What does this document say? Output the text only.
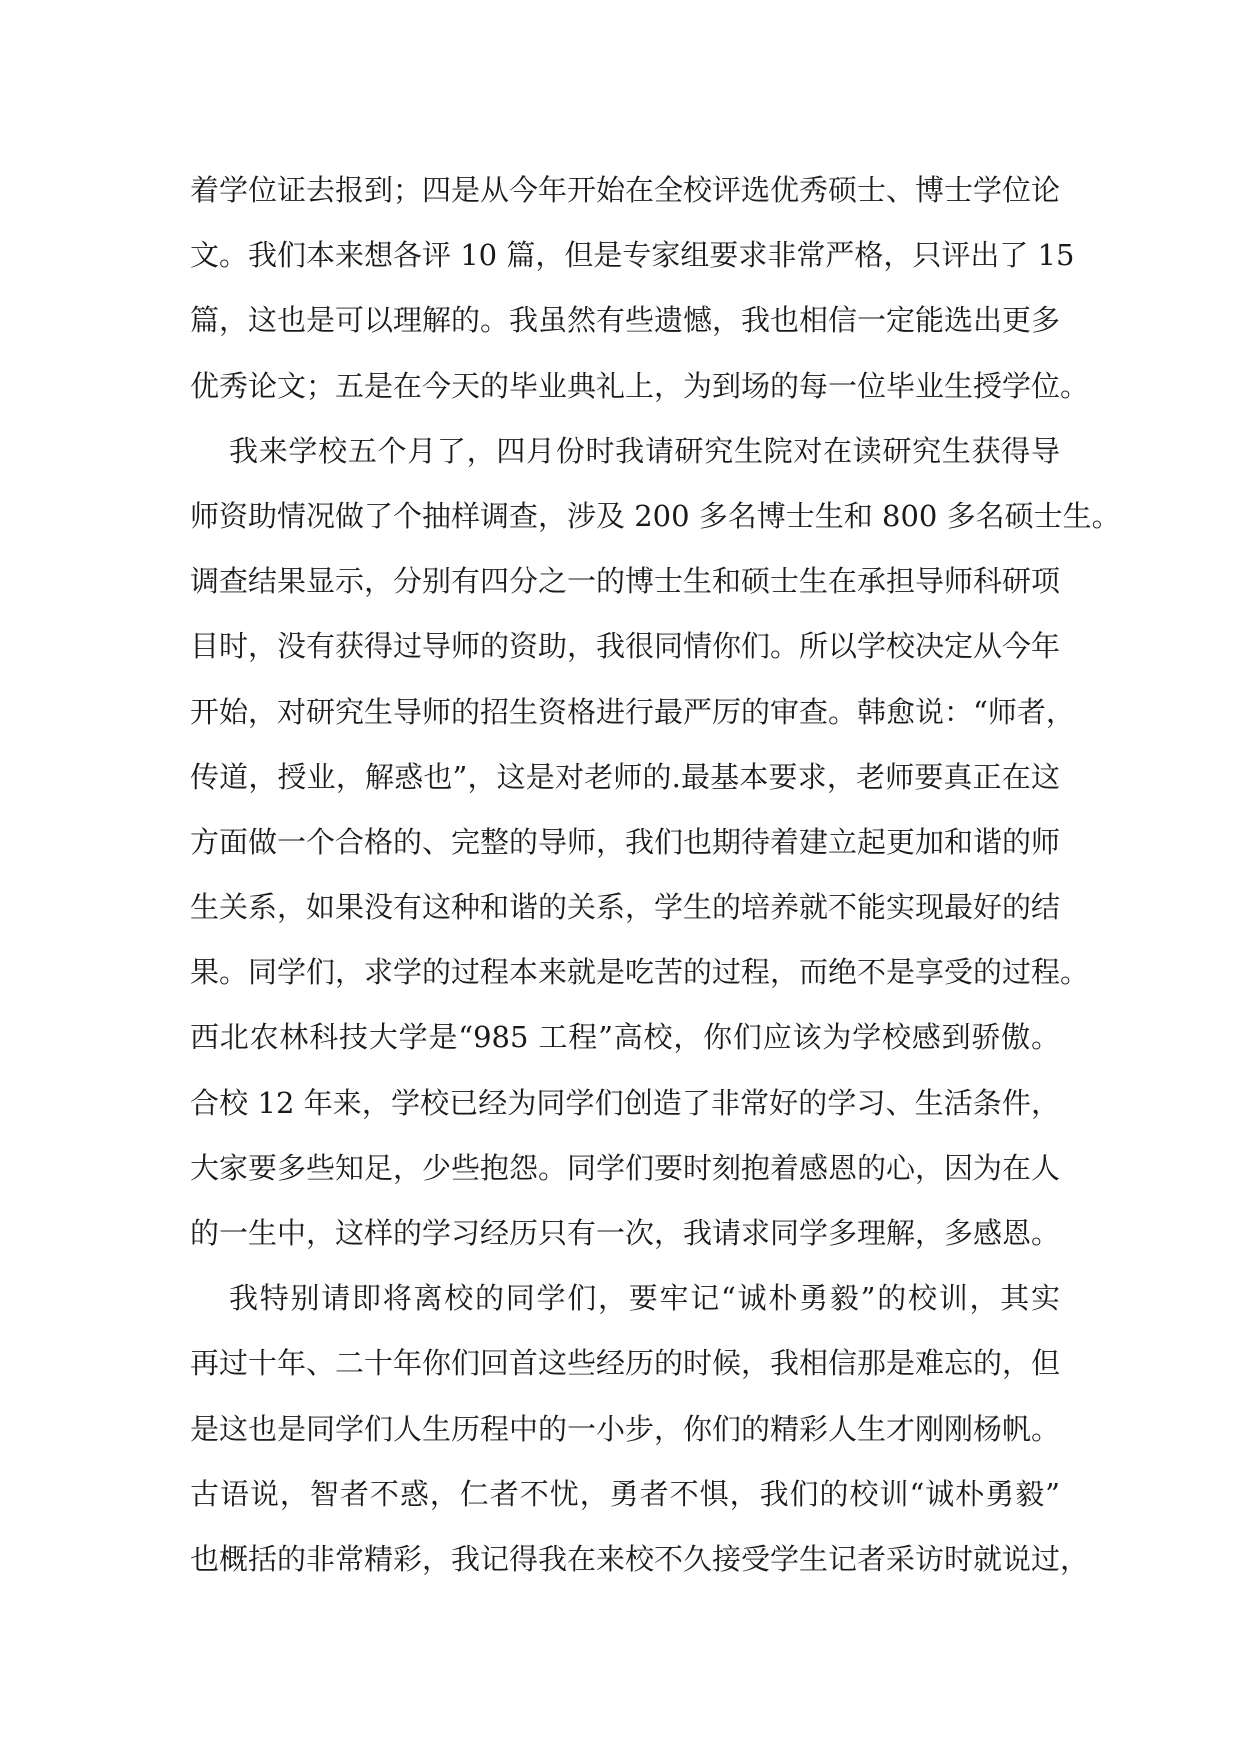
着学位证去报到；四是从今年开始在全校评选优秀硕士、博士学位论
文。我们本来想各评 10 篇，但是专家组要求非常严格，只评出了 15
篇，这也是可以理解的。我虽然有些遗憾，我也相信一定能选出更多
优秀论文；五是在今天的毕业典礼上，为到场的每一位毕业生授学位。
我来学校五个月了，四月份时我请研究生院对在读研究生获得导
师资助情况做了个抽样调查，涉及 200 多名博士生和 800 多名硕士生。
调查结果显示，分别有四分之一的博士生和硕士生在承担导师科研项
目时，没有获得过导师的资助，我很同情你们。所以学校决定从今年
开始，对研究生导师的招生资格进行最严厉的审查。韩愈说：“师者，
传道，授业，解惑也”，这是对老师的.最基本要求，老师要真正在这
方面做一个合格的、完整的导师，我们也期待着建立起更加和谐的师
生关系，如果没有这种和谐的关系，学生的培养就不能实现最好的结
果。同学们，求学的过程本来就是吃苦的过程，而绝不是享受的过程。
西北农林科技大学是“985 工程”高校，你们应该为学校感到骄傲。
合校 12 年来，学校已经为同学们创造了非常好的学习、生活条件，
大家要多些知足，少些抱怨。同学们要时刻抱着感恩的心，因为在人
的一生中，这样的学习经历只有一次，我请求同学多理解，多感恩。
我特别请即将离校的同学们，要牢记“诚朴勇毅”的校训，其实
再过十年、二十年你们回首这些经历的时候，我相信那是难忘的，但
是这也是同学们人生历程中的一小步，你们的精彩人生才刚刚杨帆。
古语说，智者不惑，仁者不忧，勇者不惧，我们的校训“诚朴勇毅”
也概括的非常精彩，我记得我在来校不久接受学生记者采访时就说过，
